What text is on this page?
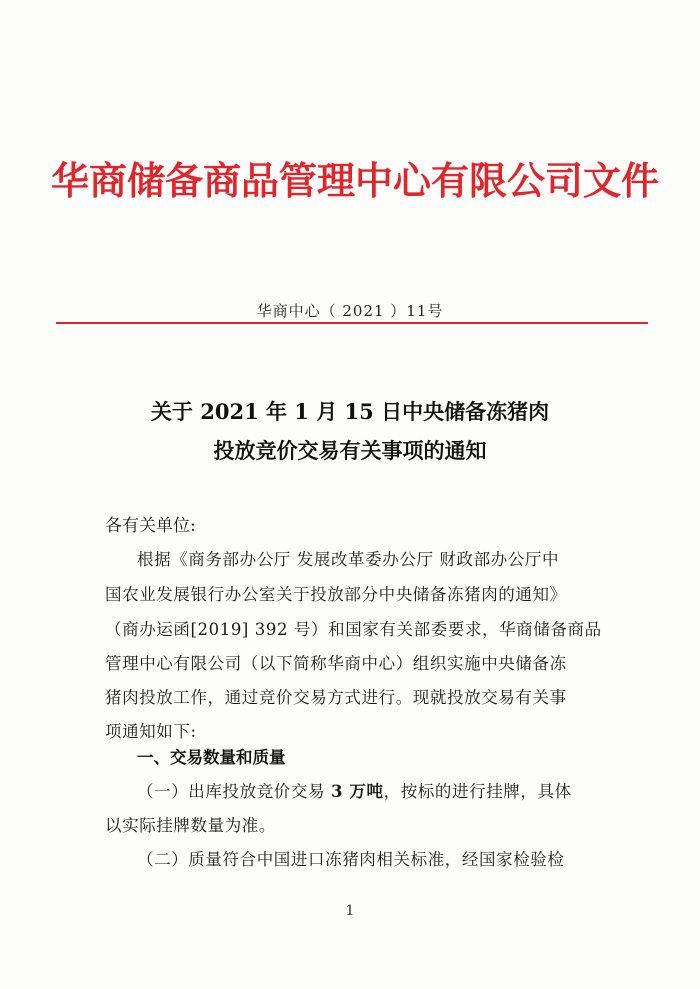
华商储备商品管理中心有限公司文件
华商中心（ 2021 ）11号
关于 2021 年 1 月 15 日中央储备冻猪肉
投放竞价交易有关事项的通知
各有关单位:
根据《商务部办公厅 发展改革委办公厅 财政部办公厅中
国农业发展银行办公室关于投放部分中央储备冻猪肉的通知》
（商办运函[2019] 392 号）和国家有关部委要求，华商储备商品
管理中心有限公司（以下简称华商中心）组织实施中央储备冻
猪肉投放工作，通过竞价交易方式进行。现就投放交易有关事
项通知如下:
一、交易数量和质量
（一）出库投放竞价交易 3 万吨，按标的进行挂牌，具体
以实际挂牌数量为准。
（二）质量符合中国进口冻猪肉相关标准，经国家检验检
1
